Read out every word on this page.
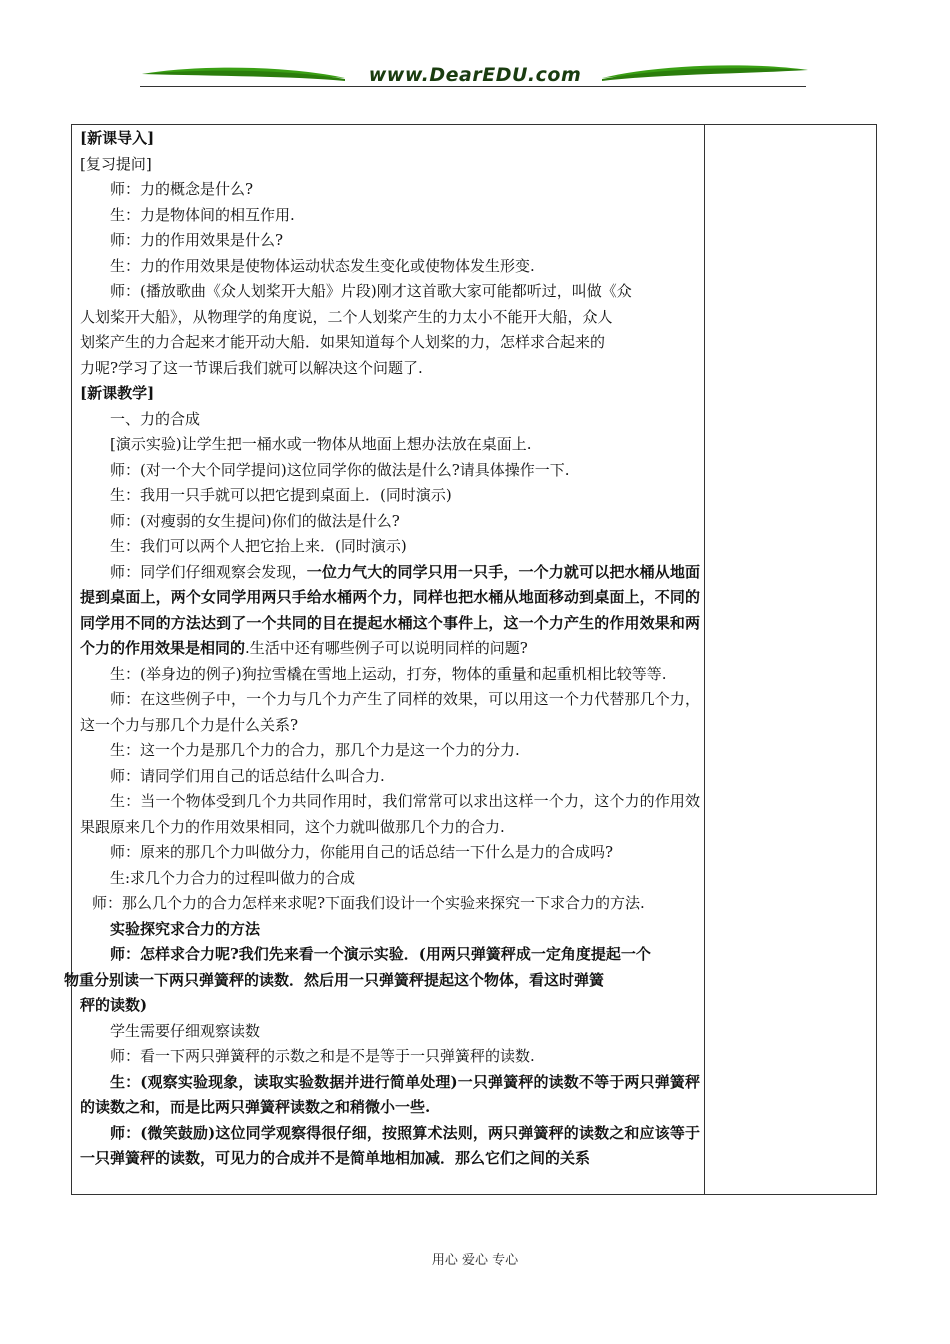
www.DearEDU.com

[新课导入]

[复习提问]

师：力的概念是什么?

生：力是物体间的相互作用.

师：力的作用效果是什么?

生：力的作用效果是使物体运动状态发生变化或使物体发生形变.

师：(播放歌曲《众人划桨开大船》片段)刚才这首歌大家可能都听过，叫做《众

人划桨开大船》，从物理学的角度说，二个人划桨产生的力太小不能开大船，众人

划桨产生的力合起来才能开动大船．如果知道每个人划桨的力，怎样求合起来的

力呢?学习了这一节课后我们就可以解决这个问题了.

[新课教学]

一、力的合成

[演示实验)让学生把一桶水或一物体从地面上想办法放在桌面上.

师：(对一个大个同学提问)这位同学你的做法是什么?请具体操作一下.

生：我用一只手就可以把它提到桌面上．(同时演示)

师：(对瘦弱的女生提问)你们的做法是什么?

生：我们可以两个人把它抬上来．(同时演示)

师：同学们仔细观察会发现，一位力气大的同学只用一只手，一个力就可以把水桶从地面提到桌面上，两个女同学用两只手给水桶两个力，同样也把水桶从地面移动到桌面上，不同的同学用不同的方法达到了一个共同的目在提起水桶这个事件上，这一个力产生的作用效果和两个力的作用效果是相同的.生活中还有哪些例子可以说明同样的问题?

生：(举身边的例子)狗拉雪橇在雪地上运动，打夯，物体的重量和起重机相比较等等.

师：在这些例子中，一个力与几个力产生了同样的效果，可以用这一个力代替那几个力，这一个力与那几个力是什么关系?

生：这一个力是那几个力的合力，那几个力是这一个力的分力.

师：请同学们用自己的话总结什么叫合力.

生：当一个物体受到几个力共同作用时，我们常常可以求出这样一个力，这个力的作用效果跟原来几个力的作用效果相同，这个力就叫做那几个力的合力.

师：原来的那几个力叫做分力，你能用自己的话总结一下什么是力的合成吗?

生:求几个力合力的过程叫做力的合成

师：那么几个力的合力怎样来求呢?下面我们设计一个实验来探究一下求合力的方法.

实验探究求合力的方法

师：怎样求合力呢?我们先来看一个演示实验．(用两只弹簧秤成一定角度提起一个

物重分别读一下两只弹簧秤的读数．然后用一只弹簧秤提起这个物体，看这时弹簧

秤的读数)

学生需要仔细观察读数

师：看一下两只弹簧秤的示数之和是不是等于一只弹簧秤的读数.

生：(观察实验现象，读取实验数据并进行简单处理)一只弹簧秤的读数不等于两只弹簧秤的读数之和，而是比两只弹簧秤读数之和稍微小一些.

师：(微笑鼓励)这位同学观察得很仔细，按照算术法则，两只弹簧秤的读数之和应该等于一只弹簧秤的读数，可见力的合成并不是简单地相加减．那么它们之间的关系

用心 爱心 专心
